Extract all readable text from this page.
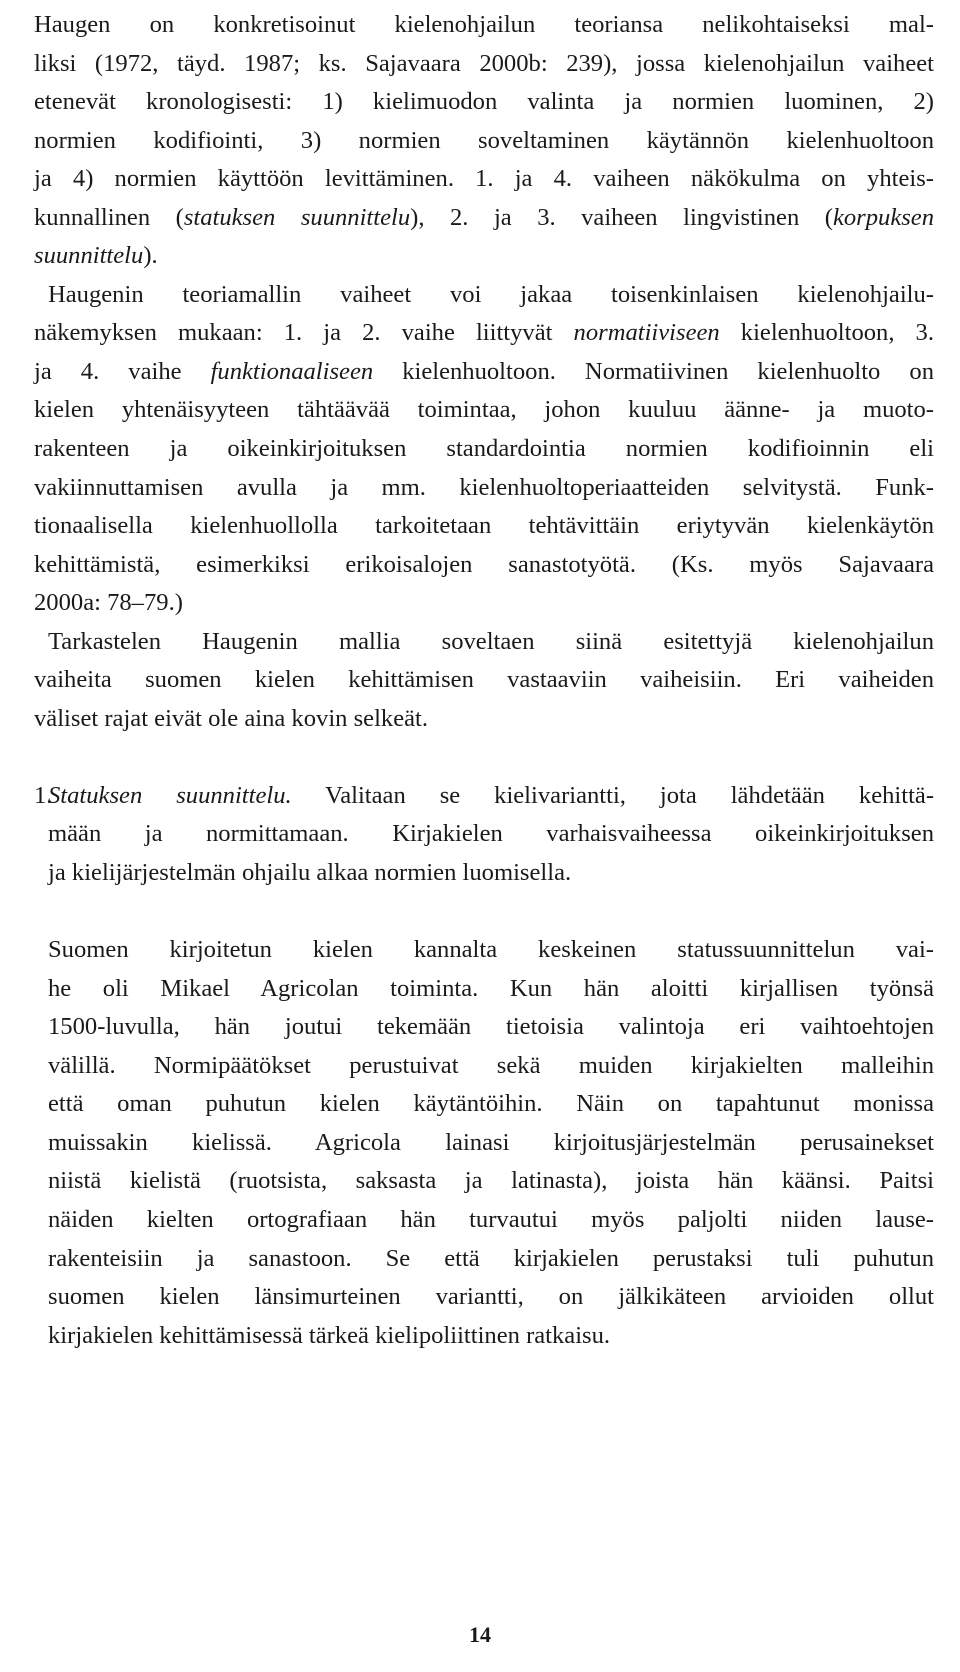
Haugen on konkretisoinut kielenohjailun teoriansa nelikohtaiseksi mal-
liksi (1972, täyd. 1987; ks. Sajavaara 2000b: 239), jossa kielenohjailun vaiheet
etenevät kronologisesti: 1) kielimuodon valinta ja normien luominen, 2)
normien kodifiointi, 3) normien soveltaminen käytännön kielenhuoltoon
ja 4) normien käyttöön levittäminen. 1. ja 4. vaiheen näkökulma on yhteis-
kunnallinen (statuksen suunnittelu), 2. ja 3. vaiheen lingvistinen (korpuksen
suunnittelu).
Haugenin teoriamallin vaiheet voi jakaa toisenkinlaisen kielenohjailu-
näkemyksen mukaan: 1. ja 2. vaihe liittyvät normatiiviseen kielenhuoltoon, 3.
ja 4. vaihe funktionaaliseen kielenhuoltoon. Normatiivinen kielenhuolto on
kielen yhtenäisyyteen tähtäävää toimintaa, johon kuuluu äänne- ja muoto-
rakenteen ja oikeinkirjoituksen standardointia normien kodifioinnin eli
vakiinnuttamisen avulla ja mm. kielenhuoltoperiaatteiden selvitystä. Funk-
tionaalisella kielenhuollolla tarkoitetaan tehtävittäin eriytyvän kielenkäytön
kehittämistä, esimerkiksi erikoisalojen sanastotyötä. (Ks. myös Sajavaara
2000a: 78–79.)
Tarkastelen Haugenin mallia soveltaen siinä esitettyjä kielenohjailun
vaiheita suomen kielen kehittämisen vastaaviin vaiheisiin. Eri vaiheiden
väliset rajat eivät ole aina kovin selkeät.
1.Statuksen suunnittelu. Valitaan se kielivariantti, jota lähdetään kehittä-
mään ja normittamaan. Kirjakielen varhaisvaiheessa oikeinkirjoituksen
ja kielijärjestelmän ohjailu alkaa normien luomisella.
Suomen kirjoitetun kielen kannalta keskeinen statussuunnittelun vai-
he oli Mikael Agricolan toiminta. Kun hän aloitti kirjallisen työnsä
1500-luvulla, hän joutui tekemään tietoisia valintoja eri vaihtoehtojen
välillä. Normipäätökset perustuivat sekä muiden kirjakielten malleihin
että oman puhutun kielen käytäntöihin. Näin on tapahtunut monissa
muissakin kielissä. Agricola lainasi kirjoitusjärjestelmän perusainekset
niistä kielistä (ruotsista, saksasta ja latinasta), joista hän käänsi. Paitsi
näiden kielten ortografiaan hän turvautui myös paljolti niiden lause-
rakenteisiin ja sanastoon. Se että kirjakielen perustaksi tuli puhutun
suomen kielen länsimurteinen variantti, on jälkikäteen arvioiden ollut
kirjakielen kehittämisessä tärkeä kielipoliittinen ratkaisu.
14
